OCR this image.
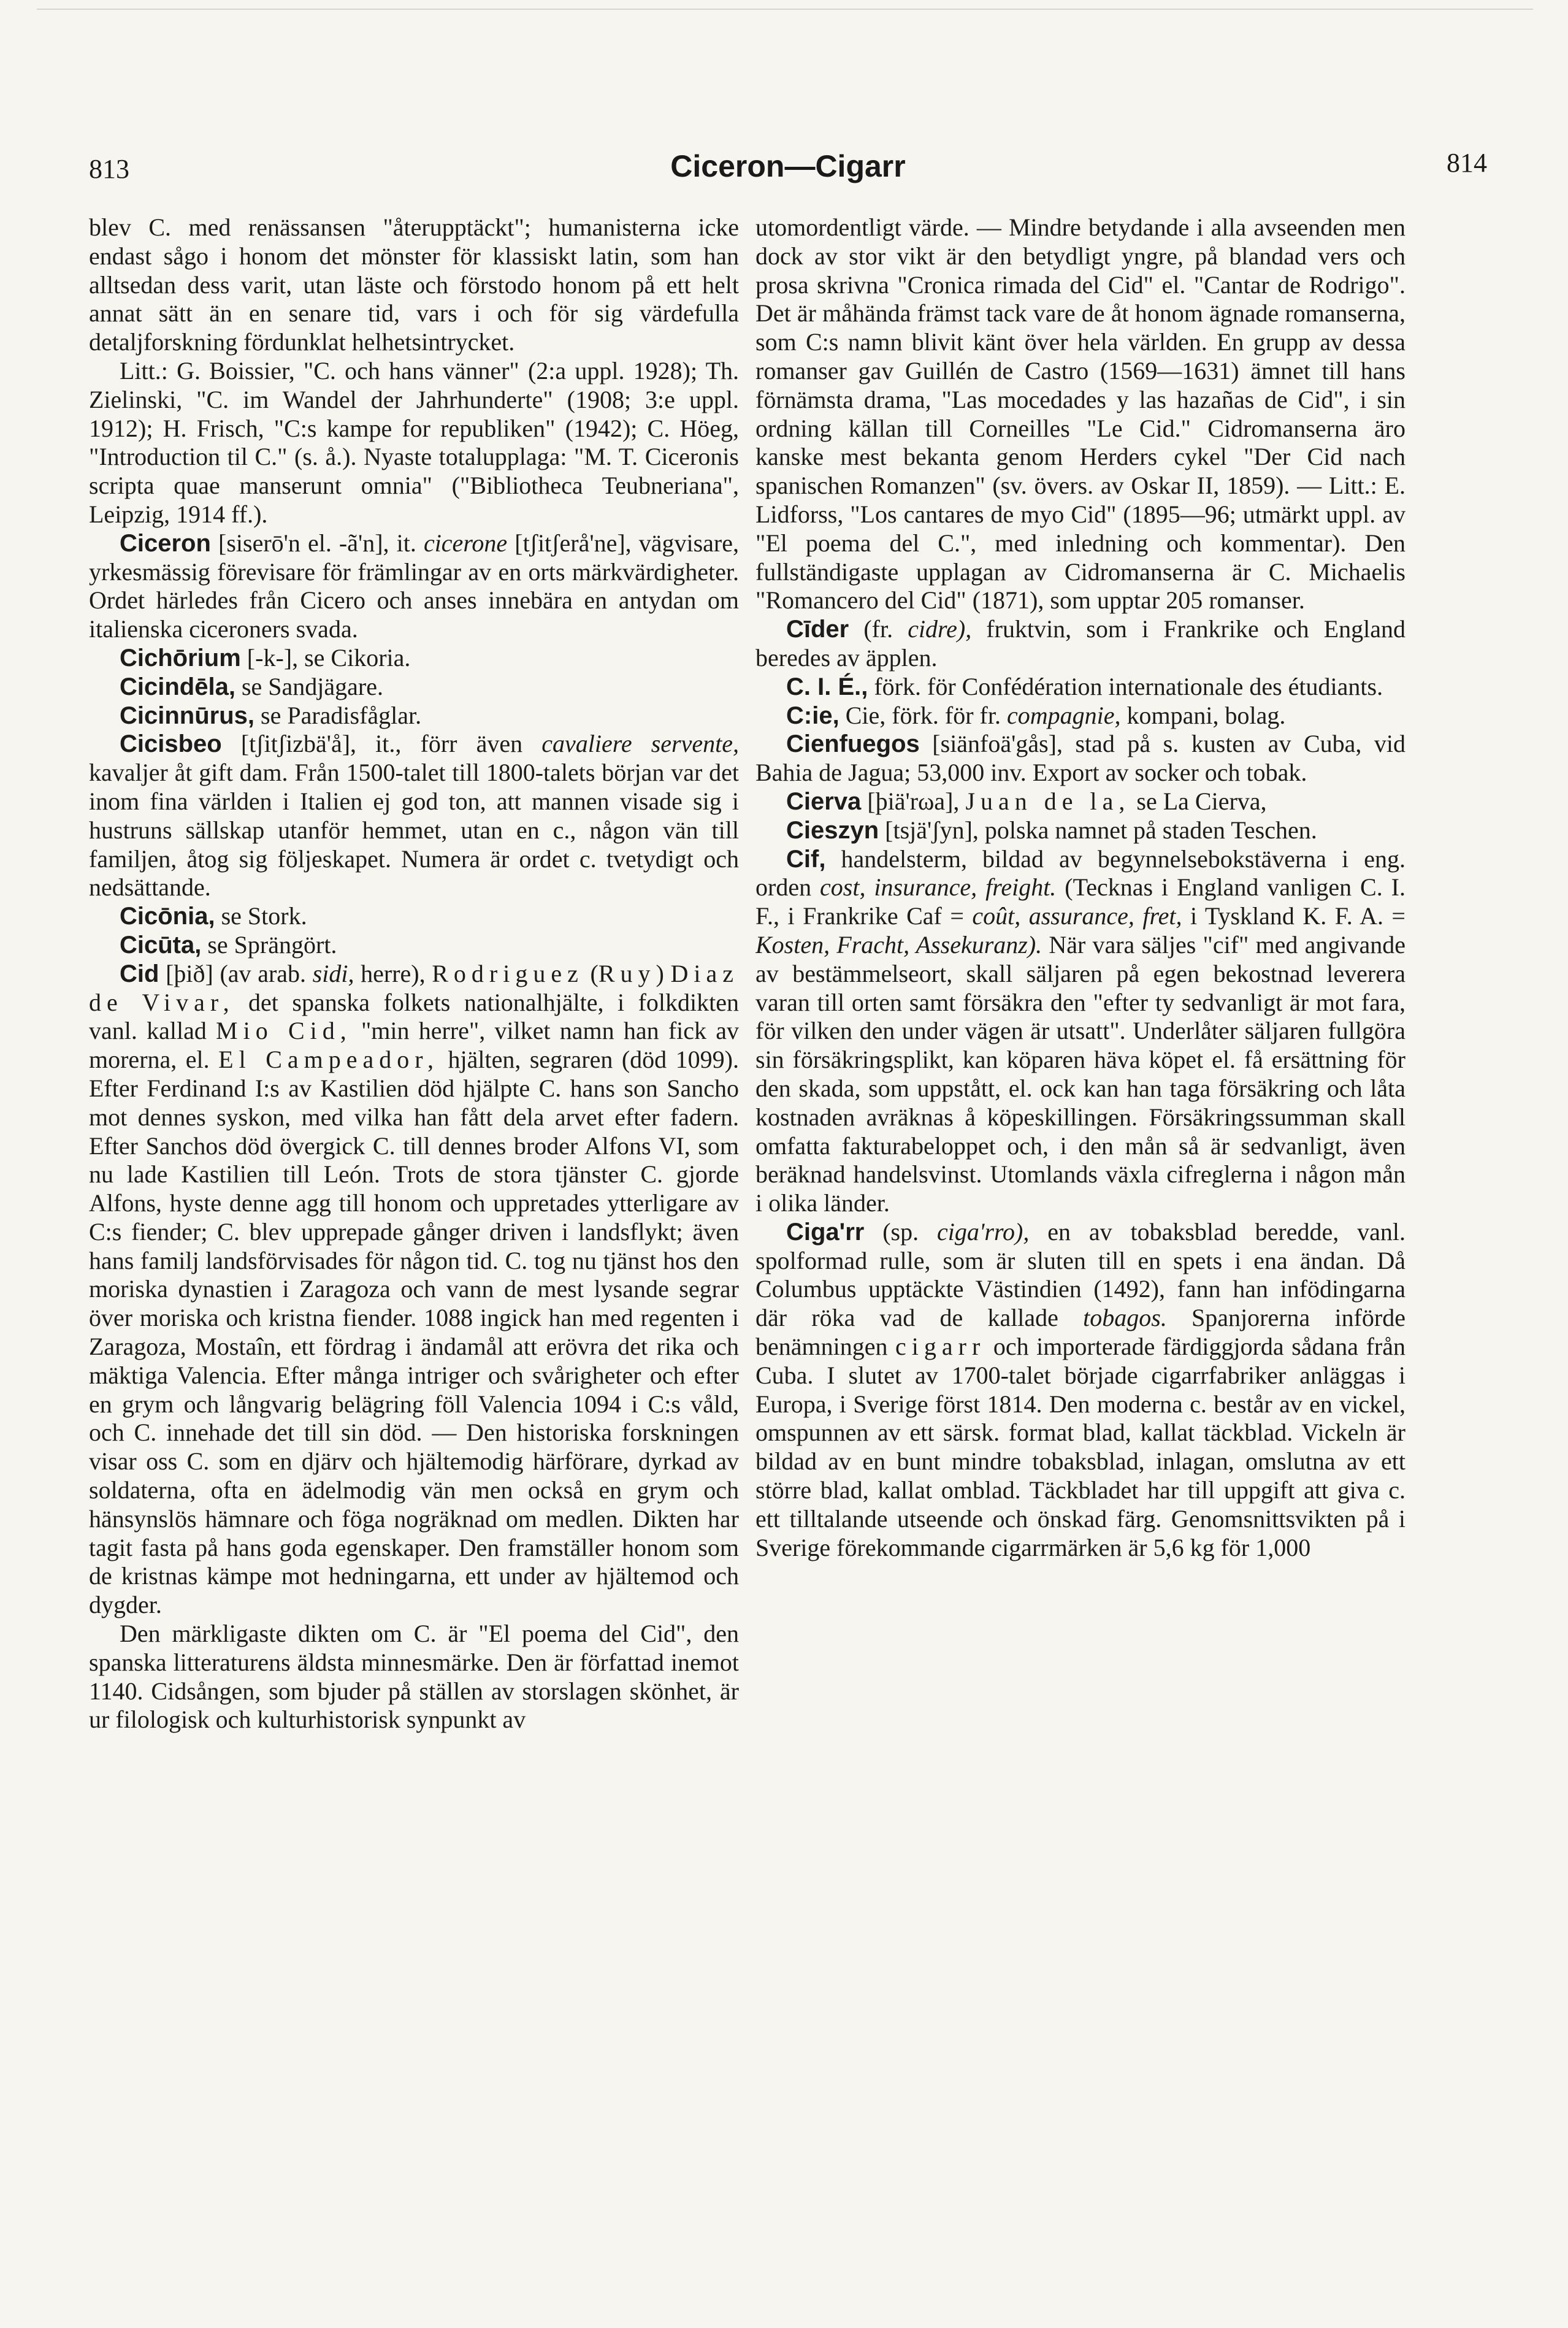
813	Ciceron—Cigarr	814

blev C. med renässansen "återupptäckt"; humanisterna icke endast sågo i honom det mönster för klassiskt latin, som han alltsedan dess varit, utan läste och förstodo honom på ett helt annat sätt än en senare tid, vars i och för sig värdefulla detaljforskning fördunklat helhetsintrycket.

Litt.: G. Boissier, "C. och hans vänner" (2:a uppl. 1928); Th. Zielinski, "C. im Wandel der Jahrhunderte" (1908; 3:e uppl. 1912); H. Frisch, "C:s kampe for republiken" (1942); C. Höeg, "Introduction til C." (s. å.). Nyaste totalupplaga: "M. T. Ciceronis scripta quae manserunt omnia" ("Bibliotheca Teubneriana", Leipzig, 1914 ff.).

Ciceron [siserō'n el. -ã'n], it. cicerone [tʃitʃerå'ne], vägvisare, yrkesmässig förevisare för främlingar av en orts märkvärdigheter. Ordet härledes från Cicero och anses innebära en antydan om italienska ciceroners svada.

Cichōrium [-k-], se Cikoria.

Cicindēla, se Sandjägare.

Cicinnūrus, se Paradisfåglar.

Cicisbeo [tʃitʃizbä'å], it., förr även cavaliere servente, kavaljer åt gift dam. Från 1500-talet till 1800-talets början var det inom fina världen i Italien ej god ton, att mannen visade sig i hustruns sällskap utanför hemmet, utan en c., någon vän till familjen, åtog sig följeskapet. Numera är ordet c. tvetydigt och nedsättande.

Cicōnia, se Stork.

Cicūta, se Sprängört.

Cid [þið] (av arab. sidi, herre), Rodriguez (Ruy) Diaz de Vivar, det spanska folkets nationalhjälte, i folkdikten vanl. kallad Mio Cid, "min herre", vilket namn han fick av morerna, el. El Campeador, hjälten, segraren (död 1099). Efter Ferdinand I:s av Kastilien död hjälpte C. hans son Sancho mot dennes syskon, med vilka han fått dela arvet efter fadern. Efter Sanchos död övergick C. till dennes broder Alfons VI, som nu lade Kastilien till León. Trots de stora tjänster C. gjorde Alfons, hyste denne agg till honom och uppretades ytterligare av C:s fiender; C. blev upprepade gånger driven i landsflykt; även hans familj landsförvisades för någon tid. C. tog nu tjänst hos den moriska dynastien i Zaragoza och vann de mest lysande segrar över moriska och kristna fiender. 1088 ingick han med regenten i Zaragoza, Mostaîn, ett fördrag i ändamål att erövra det rika och mäktiga Valencia. Efter många intriger och svårigheter och efter en grym och långvarig belägring föll Valencia 1094 i C:s våld, och C. innehade det till sin död. — Den historiska forskningen visar oss C. som en djärv och hjältemodig härförare, dyrkad av soldaterna, ofta en ädelmodig vän men också en grym och hänsynslös hämnare och föga nogräknad om medlen. Dikten har tagit fasta på hans goda egenskaper. Den framställer honom som de kristnas kämpe mot hedningarna, ett under av hjältemod och dygder.

Den märkligaste dikten om C. är "El poema del Cid", den spanska litteraturens äldsta minnesmärke. Den är författad inemot 1140. Cidsången, som bjuder på ställen av storslagen skönhet, är ur filologisk och kulturhistorisk synpunkt av

utomordentligt värde. — Mindre betydande i alla avseenden men dock av stor vikt är den betydligt yngre, på blandad vers och prosa skrivna "Cronica rimada del Cid" el. "Cantar de Rodrigo". Det är måhända främst tack vare de åt honom ägnade romanserna, som C:s namn blivit känt över hela världen. En grupp av dessa romanser gav Guillén de Castro (1569—1631) ämnet till hans förnämsta drama, "Las mocedades y las hazañas de Cid", i sin ordning källan till Corneilles "Le Cid." Cidromanserna äro kanske mest bekanta genom Herders cykel "Der Cid nach spanischen Romanzen" (sv. övers. av Oskar II, 1859). — Litt.: E. Lidforss, "Los cantares de myo Cid" (1895—96; utmärkt uppl. av "El poema del C.", med inledning och kommentar). Den fullständigaste upplagan av Cidromanserna är C. Michaelis "Romancero del Cid" (1871), som upptar 205 romanser.

Cīder (fr. cidre), fruktvin, som i Frankrike och England beredes av äpplen.

C. I. É., förk. för Confédération internationale des étudiants.

C:ie, Cie, förk. för fr. compagnie, kompani, bolag.

Cienfuegos [siänfoä'gås], stad på s. kusten av Cuba, vid Bahia de Jagua; 53,000 inv. Export av socker och tobak.

Cierva [þiä'rωa], Juan de la, se La Cierva,

Cieszyn [tsjä'ʃyn], polska namnet på staden Teschen.

Cif, handelsterm, bildad av begynnelsebokstäverna i eng. orden cost, insurance, freight. (Tecknas i England vanligen C. I. F., i Frankrike Caf = coût, assurance, fret, i Tyskland K. F. A. = Kosten, Fracht, Assekuranz). När vara säljes "cif" med angivande av bestämmelseort, skall säljaren på egen bekostnad leverera varan till orten samt försäkra den "efter ty sedvanligt är mot fara, för vilken den under vägen är utsatt". Underlåter säljaren fullgöra sin försäkringsplikt, kan köparen häva köpet el. få ersättning för den skada, som uppstått, el. ock kan han taga försäkring och låta kostnaden avräknas å köpeskillingen. Försäkringssumman skall omfatta fakturabeloppet och, i den mån så är sedvanligt, även beräknad handelsvinst. Utomlands växla cifreglerna i någon mån i olika länder.

Ciga'rr (sp. ciga'rro), en av tobaksblad beredde, vanl. spolformad rulle, som är sluten till en spets i ena ändan. Då Columbus upptäckte Västindien (1492), fann han infödingarna där röka vad de kallade tobagos. Spanjorerna införde benämningen cigarr och importerade färdiggjorda sådana från Cuba. I slutet av 1700-talet började cigarrfabriker anläggas i Europa, i Sverige först 1814. Den moderna c. består av en vickel, omspunnen av ett särsk. format blad, kallat täckblad. Vickeln är bildad av en bunt mindre tobaksblad, inlagan, omslutna av ett större blad, kallat omblad. Täckbladet har till uppgift att giva c. ett tilltalande utseende och önskad färg. Genomsnittsvikten på i Sverige förekommande cigarrmärken är 5,6 kg för 1,000
